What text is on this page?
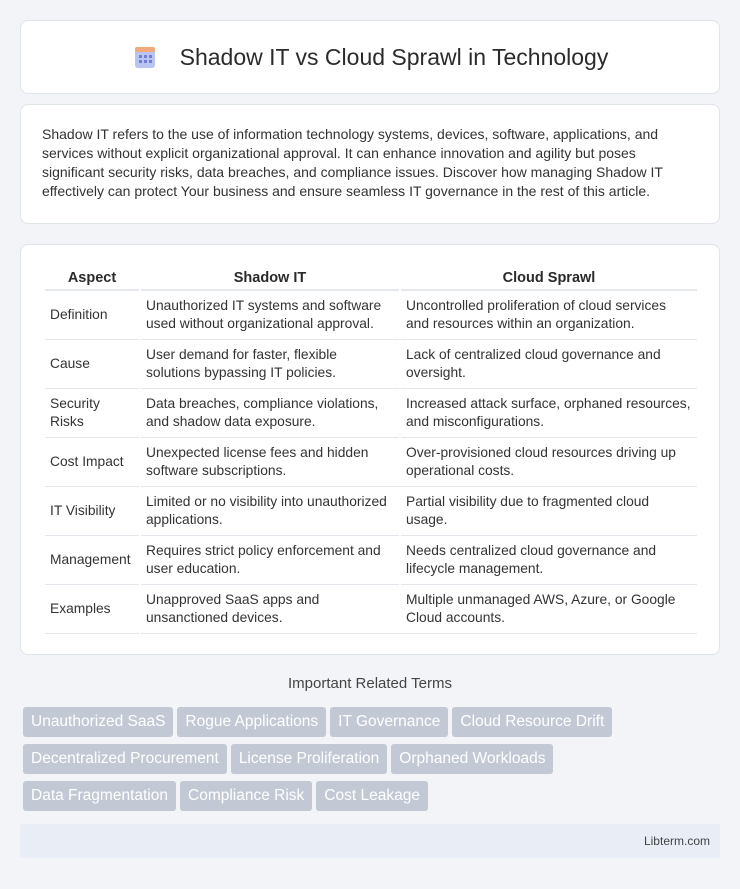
Shadow IT vs Cloud Sprawl in Technology

Shadow IT refers to the use of information technology systems, devices, software, applications, and services without explicit organizational approval. It can enhance innovation and agility but poses significant security risks, data breaches, and compliance issues. Discover how managing Shadow IT effectively can protect Your business and ensure seamless IT governance in the rest of this article.

Aspect	Shadow IT	Cloud Sprawl
Definition	Unauthorized IT systems and software used without organizational approval.	Uncontrolled proliferation of cloud services and resources within an organization.
Cause	User demand for faster, flexible solutions bypassing IT policies.	Lack of centralized cloud governance and oversight.
Security Risks	Data breaches, compliance violations, and shadow data exposure.	Increased attack surface, orphaned resources, and misconfigurations.
Cost Impact	Unexpected license fees and hidden software subscriptions.	Over-provisioned cloud resources driving up operational costs.
IT Visibility	Limited or no visibility into unauthorized applications.	Partial visibility due to fragmented cloud usage.
Management	Requires strict policy enforcement and user education.	Needs centralized cloud governance and lifecycle management.
Examples	Unapproved SaaS apps and unsanctioned devices.	Multiple unmanaged AWS, Azure, or Google Cloud accounts.
Important Related Terms
Unauthorized SaaS Rogue Applications IT Governance Cloud Resource Drift
Decentralized Procurement License Proliferation Orphaned Workloads
Data Fragmentation Compliance Risk Cost Leakage
Libterm.com
